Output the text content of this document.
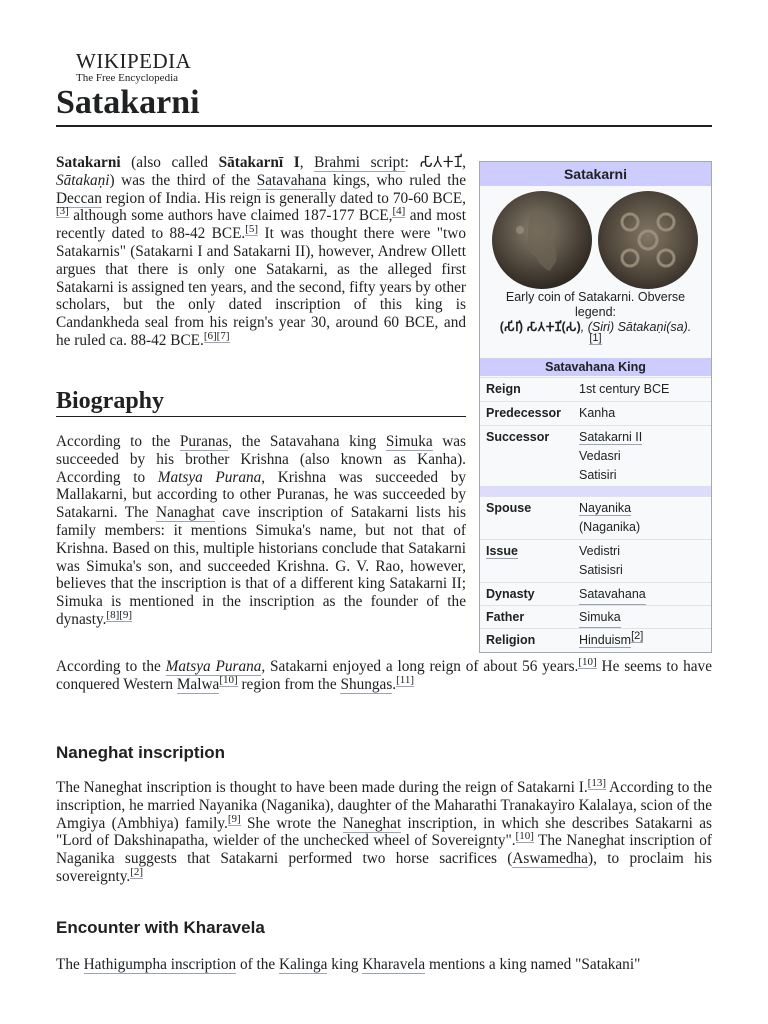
WIKIPEDIA
The Free Encyclopedia
Satakarni

Satakarni (also called Sātakarnī I, Brahmi script: 𑀲𑀸𑀢𑀓𑀡𑀺, Sātakaṇi) was the third of the Satavahana kings, who ruled the Deccan region of India. His reign is generally dated to 70-60 BCE,[3] although some authors have claimed 187-177 BCE,[4] and most recently dated to 88-42 BCE.[5] It was thought there were "two Satakarnis" (Satakarni I and Satakarni II), however, Andrew Ollett argues that there is only one Satakarni, as the alleged first Satakarni is assigned ten years, and the second, fifty years by other scholars, but the only dated inscription of this king is Candankheda seal from his reign's year 30, around 60 BCE, and he ruled ca. 88-42 BCE.[6][7]

Biography

According to the Puranas, the Satavahana king Simuka was succeeded by his brother Krishna (also known as Kanha). According to Matsya Purana, Krishna was succeeded by Mallakarni, but according to other Puranas, he was succeeded by Satakarni. The Nanaghat cave inscription of Satakarni lists his family members: it mentions Simuka's name, but not that of Krishna. Based on this, multiple historians conclude that Satakarni was Simuka's son, and succeeded Krishna. G. V. Rao, however, believes that the inscription is that of a different king Satakarni II; Simuka is mentioned in the inscription as the founder of the dynasty.[8][9]

According to the Matsya Purana, Satakarni enjoyed a long reign of about 56 years.[10] He seems to have conquered Western Malwa[10] region from the Shungas.[11]

Naneghat inscription

The Naneghat inscription is thought to have been made during the reign of Satakarni I.[13] According to the inscription, he married Nayanika (Naganika), daughter of the Maharathi Tranakayiro Kalalaya, scion of the Amgiya (Ambhiya) family.[9] She wrote the Naneghat inscription, in which she describes Satakarni as "Lord of Dakshinapatha, wielder of the unchecked wheel of Sovereignty".[10] The Naneghat inscription of Naganika suggests that Satakarni performed two horse sacrifices (Aswamedha), to proclaim his sovereignty.[2]

Encounter with Kharavela

The Hathigumpha inscription of the Kalinga king Kharavela mentions a king named "Satakani"

Satakarni
Early coin of Satakarni. Obverse legend:
(𑀲𑀺𑀭𑀺) 𑀲𑀸𑀢𑀓𑀡𑀺(𑀲), (Siri) Sātakaṇi(sa).
[1]
Satavahana King
Reign	1st century BCE
Predecessor Kanha
Successor Satakarni II
Vedasri
Satisiri
Spouse	Nayanika
(Naganika)
Issue	Vedistri
Satisisri
Dynasty	Satavahana
Father	Simuka
Religion	Hinduism[2]
